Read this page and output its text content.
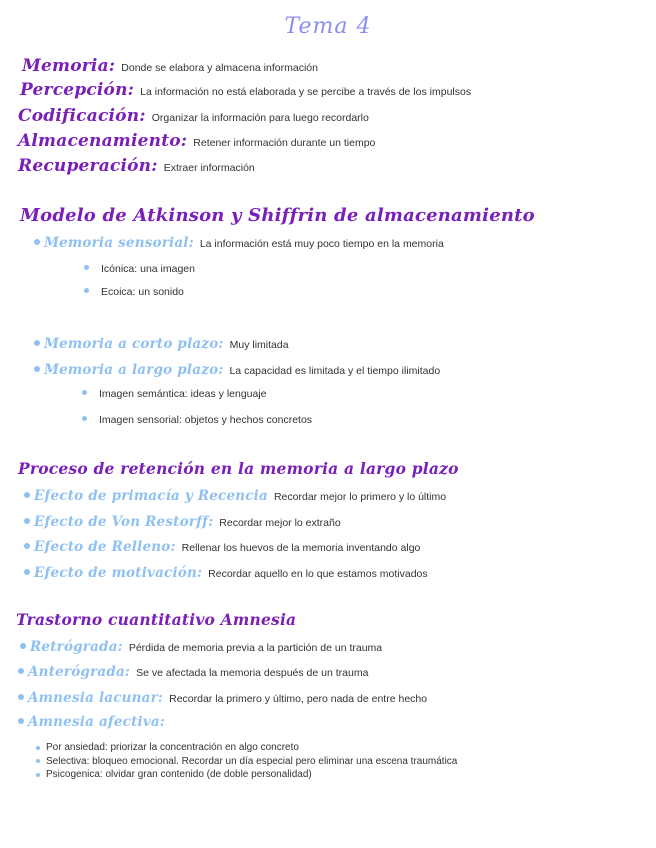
Tema 4
Memoria: Donde se elabora y almacena información
Percepción: La información no está elaborada y se percibe a través de los impulsos
Codificación: Organizar la información para luego recordarlo
Almacenamiento: Retener información durante un tiempo
Recuperación: Extraer información
Modelo de Atkinson y Shiffrin de almacenamiento
Memoria sensorial: La información está muy poco tiempo en la memoria
Icónica: una imagen
Ecoica: un sonido
Memoria a corto plazo: Muy limitada
Memoria a largo plazo: La capacidad es limitada y el tiempo ilimitado
Imagen semántica: ideas y lenguaje
Imagen sensorial: objetos y hechos concretos
Proceso de retención en la memoria a largo plazo
Efecto de primacía y Recencia Recordar mejor lo primero y lo último
Efecto de Von Restorff: Recordar mejor lo extraño
Efecto de Relleno: Rellenar los huevos de la memoria inventando algo
Efecto de motivación: Recordar aquello en lo que estamos motivados
Trastorno cuantitativo Amnesia
Retrógrada: Pérdida de memoria previa a la partición de un trauma
Anterógrada: Se ve afectada la memoria después de un trauma
Amnesia lacunar: Recordar la primero y último, pero nada de entre hecho
Amnesia afectiva:
Por ansiedad: priorizar la concentración en algo concreto
Selectiva: bloqueo emocional. Recordar un día especial pero eliminar una escena traumática
Psicogenica: olvidar gran contenido (de doble personalidad)
